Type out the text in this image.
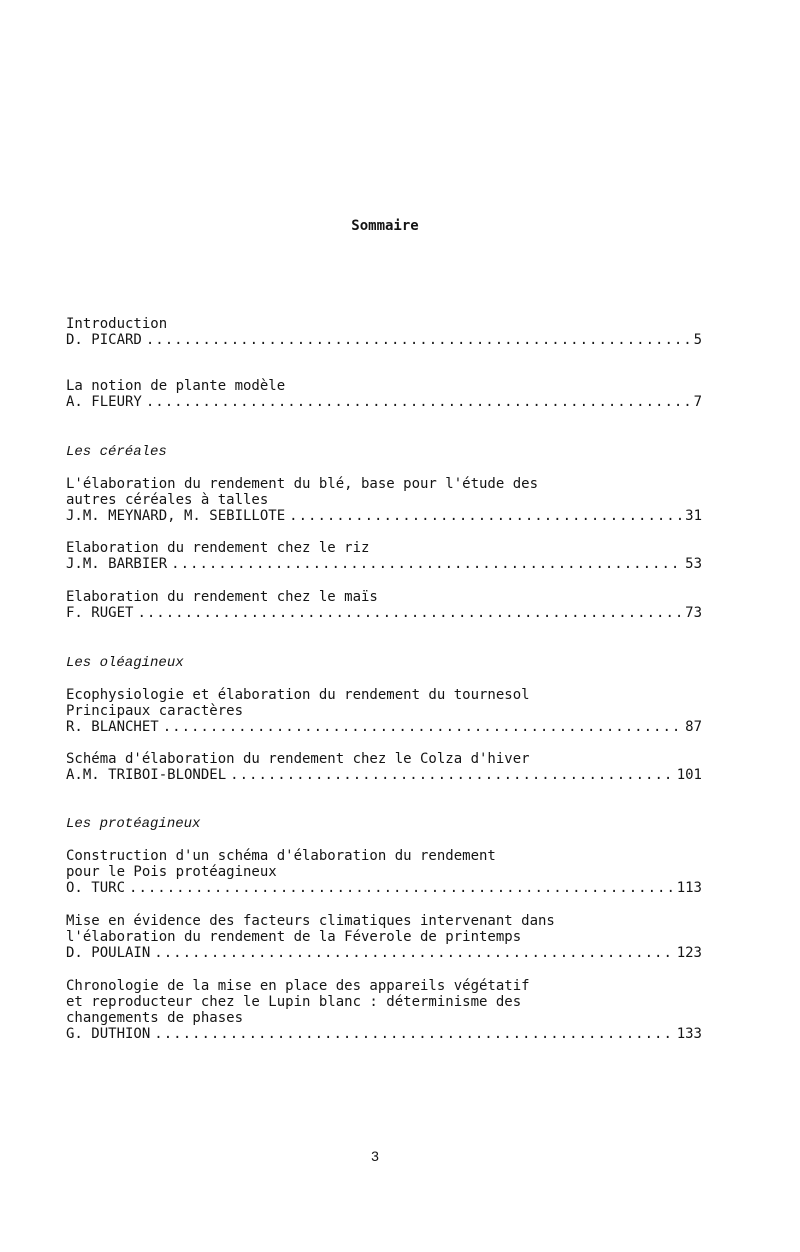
Sommaire
Introduction
D. PICARD .....	5
La notion de plante modèle
A. FLEURY .....	7
Les céréales
L'élaboration du rendement du blé, base pour l'étude des
autres céréales à talles
J.M. MEYNARD, M. SEBILLOTE .....	31
Elaboration du rendement chez le riz
J.M. BARBIER .....	53
Elaboration du rendement chez le maïs
F. RUGET .....	73
Les oléagineux
Ecophysiologie et élaboration du rendement du tournesol
Principaux caractères
R. BLANCHET .....	87
Schéma d'élaboration du rendement chez le Colza d'hiver
A.M. TRIBOI-BLONDEL .....	101
Les protéagineux
Construction d'un schéma d'élaboration du rendement
pour le Pois protéagineux
O. TURC .....	113
Mise en évidence des facteurs climatiques intervenant dans
l'élaboration du rendement de la Féverole de printemps
D. POULAIN .....	123
Chronologie de la mise en place des appareils végétatif
et reproducteur chez le Lupin blanc : déterminisme des
changements de phases
G. DUTHION .....	133
3
